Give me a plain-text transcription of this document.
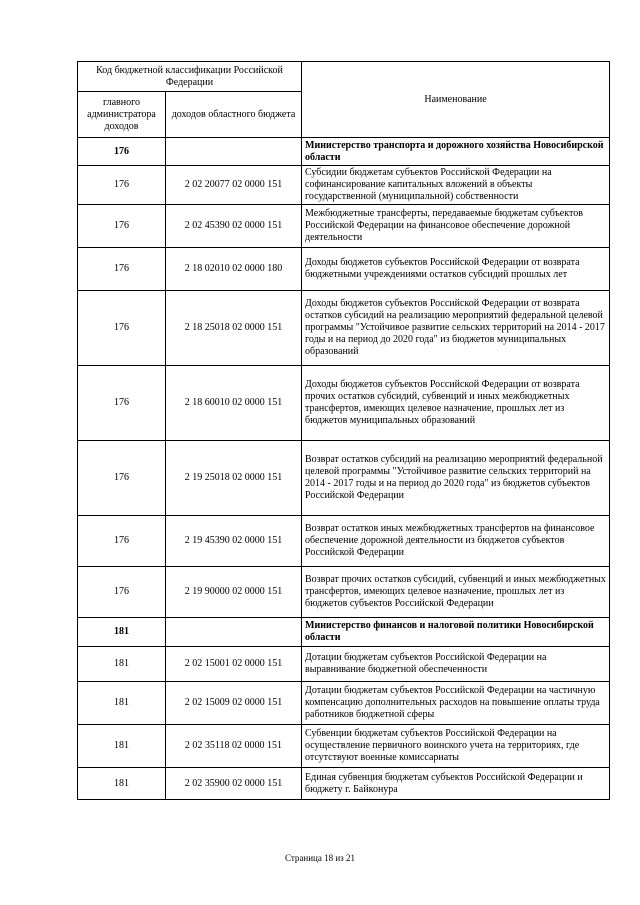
Код бюджетной классификации Российской Федерации		Наименование
главного администратора доходов	доходов областного бюджета	
176		Министерство транспорта и дорожного хозяйства Новосибирской области
176	2 02 20077 02 0000 151	Субсидии бюджетам субъектов Российской Федерации на софинансирование капитальных вложений в объекты государственной (муниципальной) собственности
176	2 02 45390 02 0000 151	Межбюджетные трансферты, передаваемые бюджетам субъектов Российской Федерации на финансовое обеспечение дорожной деятельности
176	2 18 02010 02 0000 180	Доходы бюджетов субъектов Российской Федерации от возврата бюджетными учреждениями остатков субсидий прошлых лет
176	2 18 25018 02 0000 151	Доходы бюджетов субъектов Российской Федерации от возврата остатков субсидий на реализацию мероприятий федеральной целевой программы "Устойчивое развитие сельских территорий на 2014 - 2017 годы и на период до 2020 года" из бюджетов муниципальных образований
176	2 18 60010 02 0000 151	Доходы бюджетов субъектов Российской Федерации от возврата прочих остатков субсидий, субвенций и иных межбюджетных трансфертов, имеющих целевое назначение, прошлых лет из бюджетов муниципальных образований
176	2 19 25018 02 0000 151	Возврат остатков субсидий на реализацию мероприятий федеральной целевой программы "Устойчивое развитие сельских территорий на 2014 - 2017 годы и на период до 2020 года" из бюджетов субъектов Российской Федерации
176	2 19 45390 02 0000 151	Возврат остатков иных межбюджетных трансфертов на финансовое обеспечение дорожной деятельности из бюджетов субъектов Российской Федерации
176	2 19 90000 02 0000 151	Возврат прочих остатков субсидий, субвенций и иных межбюджетных трансфертов, имеющих целевое назначение, прошлых лет из бюджетов субъектов Российской Федерации
181		Министерство финансов и налоговой политики Новосибирской области
181	2 02 15001 02 0000 151	Дотации бюджетам субъектов Российской Федерации на выравнивание бюджетной обеспеченности
181	2 02 15009 02 0000 151	Дотации бюджетам субъектов Российской Федерации на частичную компенсацию дополнительных расходов на повышение оплаты труда работников бюджетной сферы
181	2 02 35118 02 0000 151	Субвенции бюджетам субъектов Российской Федерации на осуществление первичного воинского учета на территориях, где отсутствуют военные комиссариаты
181	2 02 35900 02 0000 151	Единая субвенция бюджетам субъектов Российской Федерации и бюджету г. Байконура
Страница 18 из 21
